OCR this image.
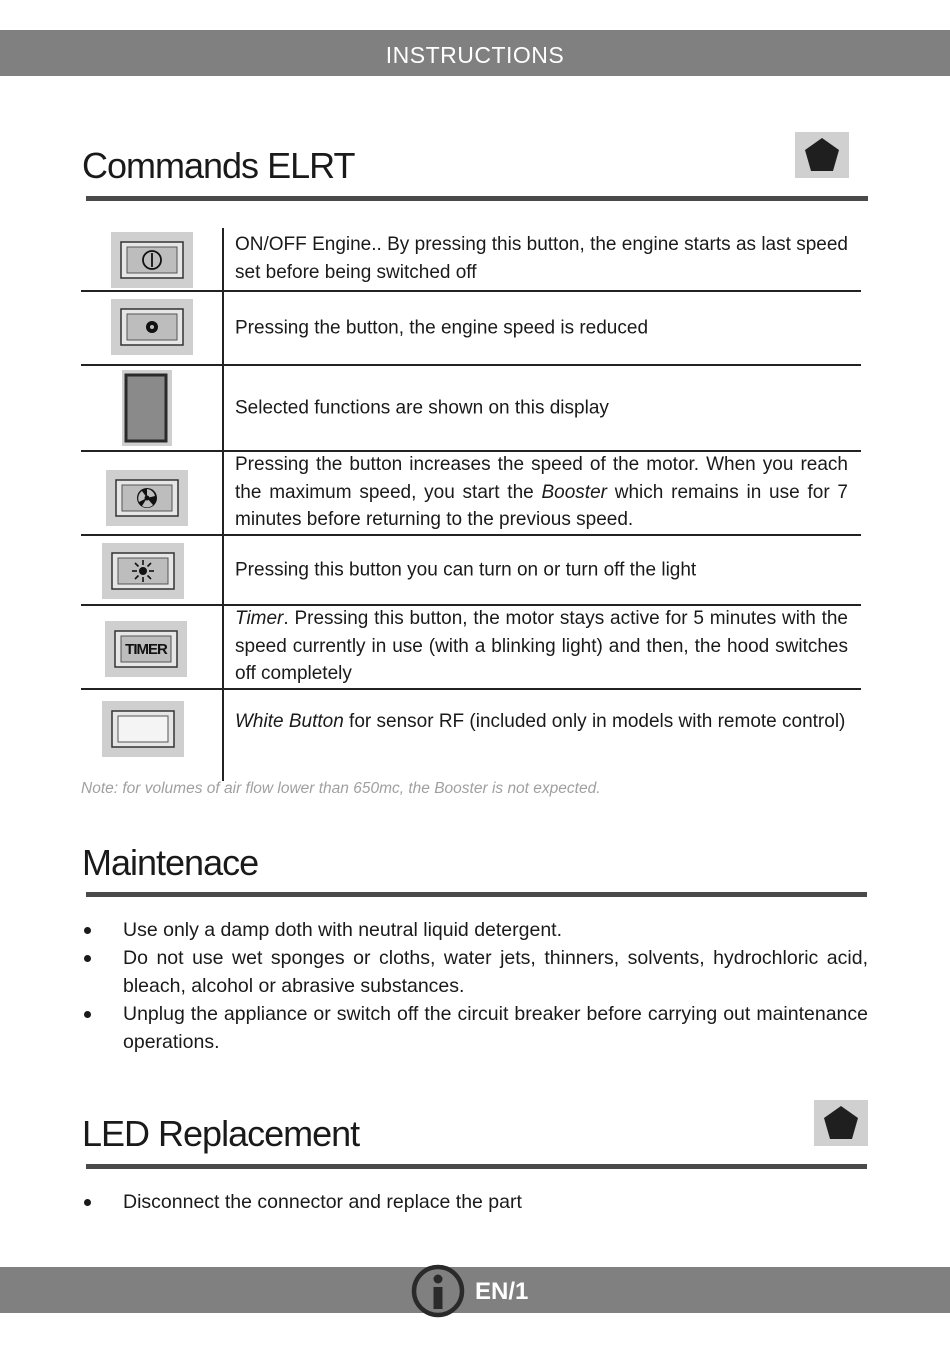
INSTRUCTIONS
Commands ELRT
ON/OFF Engine.. By pressing this button, the engine starts as last speed set before being switched off
Pressing the button, the engine speed is reduced
Selected functions are shown on this display
Pressing the button increases the speed of the motor. When you reach the maximum speed, you start the Booster which remains in use for 7 minutes before returning to the previous speed.
Pressing this button you can turn on or turn off the light
TIMER
Timer. Pressing this button, the motor stays active for 5 minutes with the speed currently in use (with a blinking light) and then, the hood switches off completely
White Button for sensor RF (included only in models with remote control)
Note: for volumes of air flow lower than 650mc, the Booster is not expected.
Maintenace
Use only a damp doth with neutral liquid detergent.
Do not use wet sponges or cloths, water jets, thinners, solvents, hydrochloric acid, bleach, alcohol or abrasive substances.
Unplug the appliance or switch off the circuit breaker before carrying out maintenance operations.
LED Replacement
Disconnect the connector and replace the part
EN/1
